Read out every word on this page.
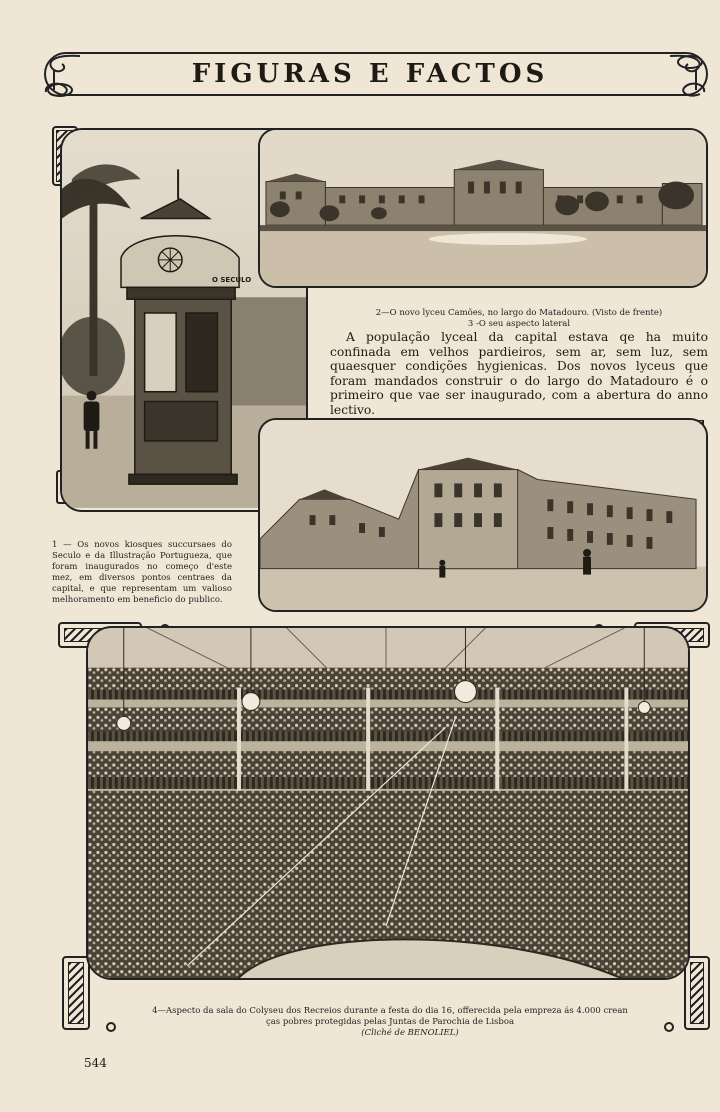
FIGURAS E FACTOS
O SECULO
2—O novo lyceu Camões, no largo do Matadouro. (Visto de frente)
3 -O seu aspecto lateral
A população lyceal da capital estava qe ha muito confinada em velhos pardieiros, sem ar, sem luz, sem quaesquer condições hygienicas. Dos novos lyceus que foram mandados construir o do largo do Matadouro é o primeiro que vae ser inaugurado, com a abertura do anno lectivo.
1 — Os novos kiosques succursaes do Seculo e da Illustração Portugueza, que foram inaugurados no começo d'este mez, em diversos pontos centraes da capital, e que representam um valioso melhoramento em beneficio do publico.
4—Aspecto da sala do Colyseu dos Recreios durante a festa do dia 16, offerecida pela empreza ás 4.000 crean
ças pobres protegidas pelas Juntas de Parochia de Lisboa
(Cliché de BENOLIEL)
544
